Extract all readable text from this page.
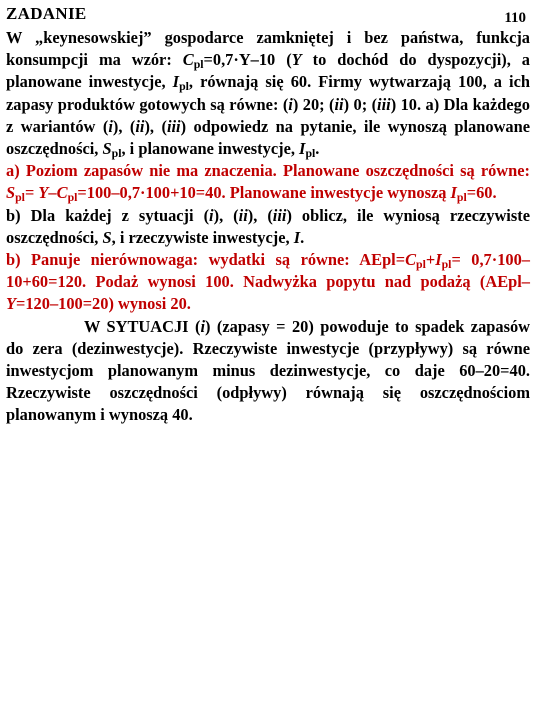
ZADANIE	110

W „keynesowskiej” gospodarce zamkniętej i bez państwa, funkcja konsumpcji ma wzór: $C_{pl}=0,7\cdot Y-10$ (Y to dochód do dyspozycji), a planowane inwestycje, $I_{pl}$, równają się 60. Firmy wytwarzają 100, a ich zapasy produktów gotowych są równe: (i) 20; (ii) 0; (iii) 10. a) Dla każdego z wariantów (i), (ii), (iii) odpowiedz na pytanie, ile wynoszą planowane oszczędności, $S_{pl}$, i planowane inwestycje, $I_{pl}$.

a) Poziom zapasów nie ma znaczenia. Planowane oszczędności są równe: $S_{pl}= Y-C_{pl}=100-0,7\cdot 100+10=40$. Planowane inwestycje wynoszą $I_{pl}=60$.

b) Dla każdej z sytuacji (i), (ii), (iii) oblicz, ile wyniosą rzeczywiste oszczędności, S, i rzeczywiste inwestycje, I.

b) Panuje nierównowaga: wydatki są równe: $AEpl=C_{pl}+I_{pl}= 0,7\cdot 100-10+60=120$. Podaż wynosi 100. Nadwyżka popytu nad podażą (AEpl–Y=120–100=20) wynosi 20.

W SYTUACJI (i) (zapasy = 20) powoduje to spadek zapasów do zera (dezinwestycje). Rzeczywiste inwestycje (przypływy) są równe inwestycjom planowanym minus dezinwestycje, co daje 60–20=40. Rzeczywiste oszczędności (odpływy) równają się oszczędnościom planowanym i wynoszą 40.
